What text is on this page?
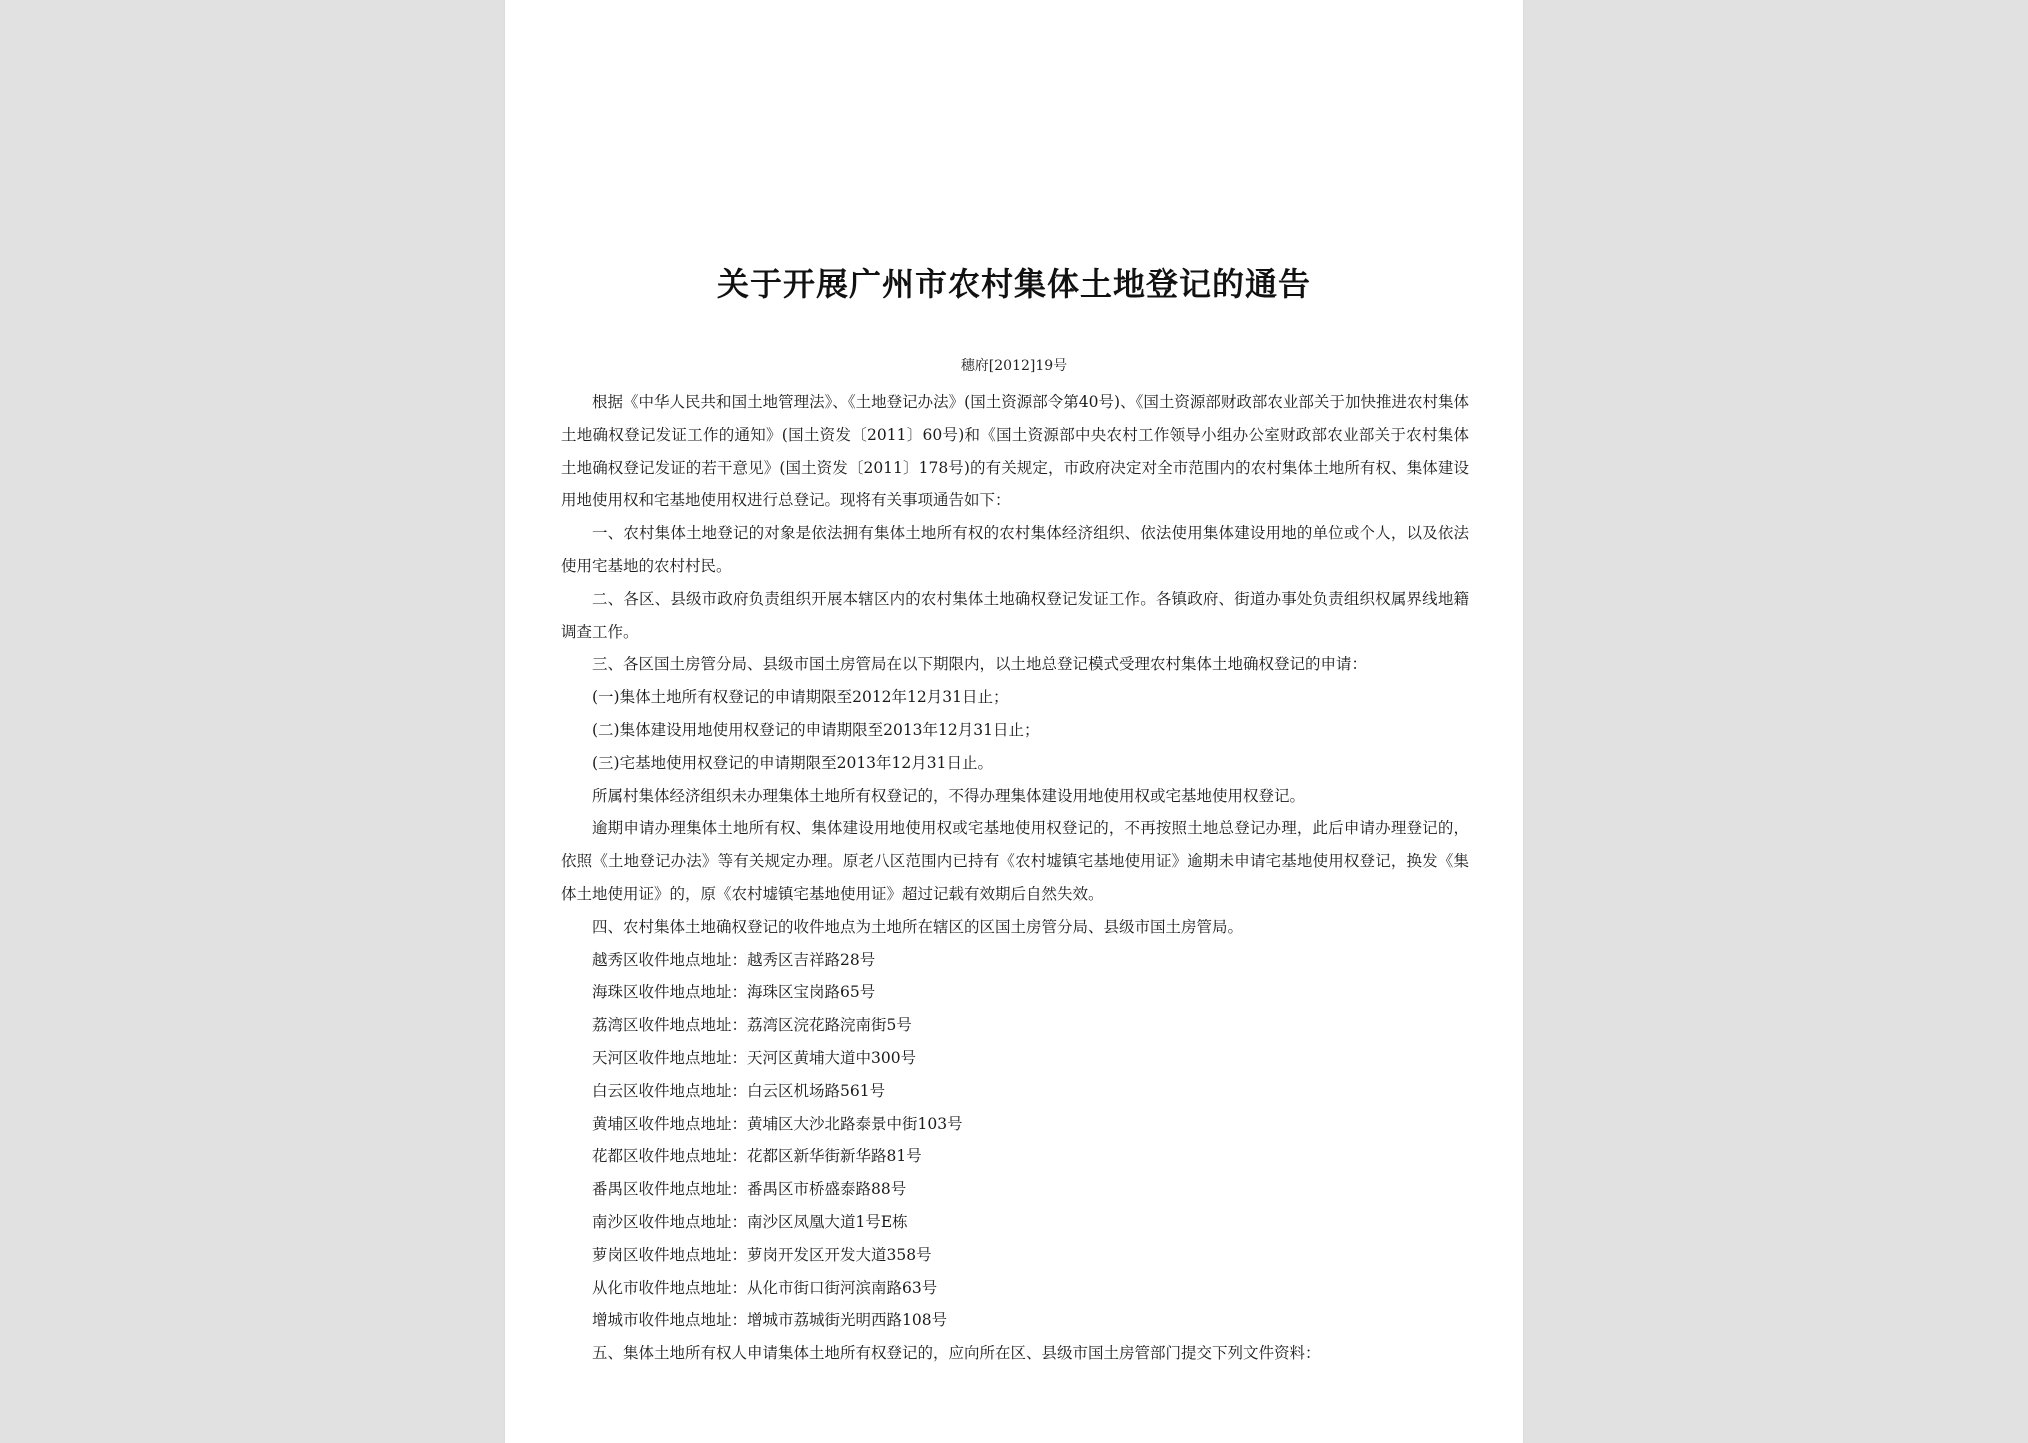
关于开展广州市农村集体土地登记的通告
穗府[2012]19号

根据《中华人民共和国土地管理法》、《土地登记办法》(国土资源部令第40号)、《国土资源部财政部农业部关于加快推进农村集体土地确权登记发证工作的通知》(国土资发〔2011〕60号)和《国土资源部中央农村工作领导小组办公室财政部农业部关于农村集体土地确权登记发证的若干意见》(国土资发〔2011〕178号)的有关规定，市政府决定对全市范围内的农村集体土地所有权、集体建设用地使用权和宅基地使用权进行总登记。现将有关事项通告如下：

一、农村集体土地登记的对象是依法拥有集体土地所有权的农村集体经济组织、依法使用集体建设用地的单位或个人，以及依法使用宅基地的农村村民。

二、各区、县级市政府负责组织开展本辖区内的农村集体土地确权登记发证工作。各镇政府、街道办事处负责组织权属界线地籍调查工作。

三、各区国土房管分局、县级市国土房管局在以下期限内，以土地总登记模式受理农村集体土地确权登记的申请：

(一)集体土地所有权登记的申请期限至2012年12月31日止；

(二)集体建设用地使用权登记的申请期限至2013年12月31日止；

(三)宅基地使用权登记的申请期限至2013年12月31日止。

所属村集体经济组织未办理集体土地所有权登记的，不得办理集体建设用地使用权或宅基地使用权登记。

逾期申请办理集体土地所有权、集体建设用地使用权或宅基地使用权登记的，不再按照土地总登记办理，此后申请办理登记的，依照《土地登记办法》等有关规定办理。原老八区范围内已持有《农村墟镇宅基地使用证》逾期未申请宅基地使用权登记，换发《集体土地使用证》的，原《农村墟镇宅基地使用证》超过记载有效期后自然失效。

四、农村集体土地确权登记的收件地点为土地所在辖区的区国土房管分局、县级市国土房管局。

越秀区收件地点地址：越秀区吉祥路28号

海珠区收件地点地址：海珠区宝岗路65号

荔湾区收件地点地址：荔湾区浣花路浣南街5号

天河区收件地点地址：天河区黄埔大道中300号

白云区收件地点地址：白云区机场路561号

黄埔区收件地点地址：黄埔区大沙北路泰景中街103号

花都区收件地点地址：花都区新华街新华路81号

番禺区收件地点地址：番禺区市桥盛泰路88号

南沙区收件地点地址：南沙区凤凰大道1号E栋

萝岗区收件地点地址：萝岗开发区开发大道358号

从化市收件地点地址：从化市街口街河滨南路63号

增城市收件地点地址：增城市荔城街光明西路108号

五、集体土地所有权人申请集体土地所有权登记的，应向所在区、县级市国土房管部门提交下列文件资料：
